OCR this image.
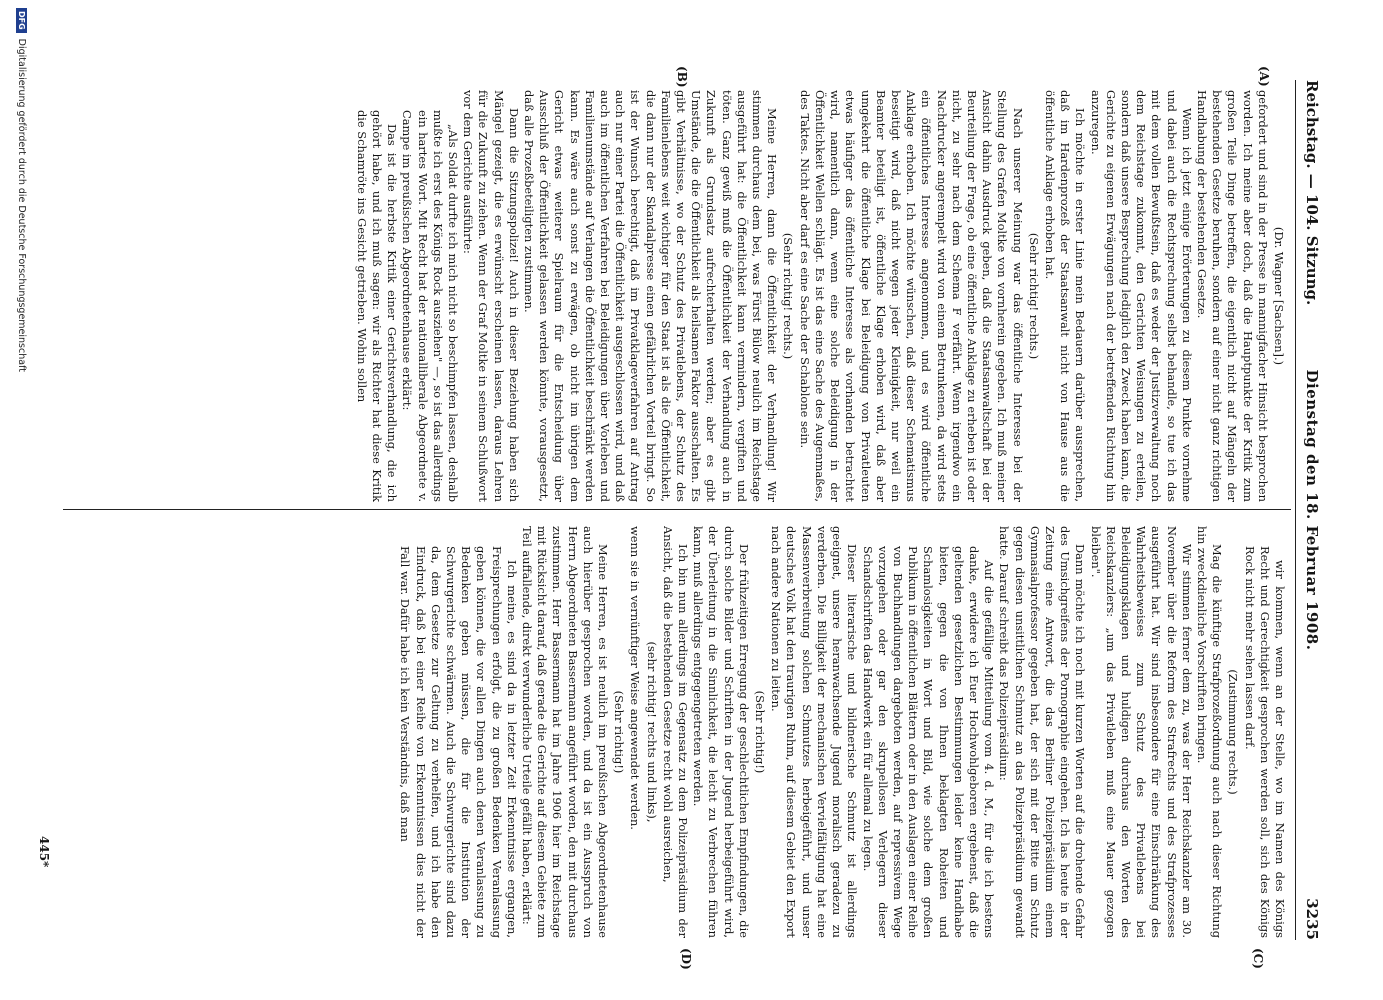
Reichstag. — 104. Sitzung.
Dienstag den 18. Februar 1908.
3235
(A)
(B)
(C)
(D)

(Dr. Wagner [Sachsen].)

gefordert und sind in der Presse in mannigfacher Hinsicht besprochen worden. Ich meine aber doch, daß die Hauptpunkte der Kritik zum großen Teile Dinge betreffen, die eigentlich nicht auf Mängeln der bestehenden Gesetze beruhen, sondern auf einer nicht ganz richtigen Handhabung der bestehenden Gesetze.

Wenn ich jetzt einige Erörterungen zu diesem Punkte vornehme und dabei auch die Rechtsprechung selbst behandle, so tue ich das mit dem vollen Bewußtsein, daß es weder der Justizverwaltung noch dem Reichstage zukommt, den Gerichten Weisungen zu erteilen, sondern daß unsere Besprechung lediglich den Zweck haben kann, die Gerichte zu eigenen Erwägungen nach der betreffenden Richtung hin anzuregen.

Ich möchte in erster Linie mein Bedauern darüber aussprechen, daß im Hardenprozeß der Staatsanwalt nicht von Hause aus die öffentliche Anklage erhoben hat.

(Sehr richtig! rechts.)

Nach unserer Meinung war das öffentliche Interesse bei der Stellung des Grafen Moltke von vornherein gegeben. Ich muß meiner Ansicht dahin Ausdruck geben, daß die Staatsanwaltschaft bei der Beurteilung der Frage, ob eine öffentliche Anklage zu erheben ist oder nicht, zu sehr nach dem Schema F verfährt. Wenn irgendwo ein Nachdrucker angerempelt wird von einem Betrunkenen, da wird stets ein öffentliches Interesse angenommen, und es wird öffentliche Anklage erhoben. Ich möchte wünschen, daß dieser Schematismus beseitigt wird, daß nicht wegen jeder Kleinigkeit, nur weil ein Beamter beteiligt ist, öffentliche Klage erhoben wird, daß aber umgekehrt die öffentliche Klage bei Beleidigung von Privatleuten etwas häufiger das öffentliche Interesse als vorhanden betrachtet wird, namentlich dann, wenn eine solche Beleidigung in der Öffentlichkeit Wellen schlägt. Es ist das eine Sache des Augenmaßes, des Taktes. Nicht aber darf es eine Sache der Schablone sein.

(Sehr richtig! rechts.)

Meine Herren, dann die Öffentlichkeit der Verhandlung! Wir stimmen durchaus dem bei, was Fürst Bülow neulich im Reichstage ausgeführt hat: die Öffentlichkeit kann vermindern, vergiften und töten. Ganz gewiß muß die Öffentlichkeit der Verhandlung auch in Zukunft als Grundsatz aufrechterhalten werden; aber es gibt Umstände, die die Öffentlichkeit als heilsamen Faktor ausschalten. Es gibt Verhältnisse, wo der Schutz des Privatlebens, der Schutz des Familienlebens weit wichtiger für den Staat ist als die Öffentlichkeit, die dann nur der Skandalpresse einen gefährlichen Vorteil bringt. So ist der Wunsch berechtigt, daß im Privatklageverfahren auf Antrag auch nur einer Partei die Öffentlichkeit ausgeschlossen wird, und daß auch im öffentlichen Verfahren bei Beleidigungen über Vorleben und Familienumstände auf Verlangen die Öffentlichkeit beschränkt werden kann. Es wäre auch sonst zu erwägen, ob nicht im übrigen dem Gericht etwas weiterer Spielraum für die Entscheidung über Ausschluß der Öffentlichkeit gelassen werden könnte, vorausgesetzt, daß alle Prozeßbeteiligten zustimmen.

Dann die Sitzungspolizei! Auch in dieser Beziehung haben sich Mängel gezeigt, die es erwünscht erscheinen lassen, daraus Lehren für die Zukunft zu ziehen. Wenn der Graf Moltke in seinem Schlußwort vor dem Gerichte ausführte:

„Als Soldat durfte ich mich nicht so beschimpfen lassen, deshalb mußte ich erst des Königs Rock ausziehen" —, so ist das allerdings ein hartes Wort. Mit Recht hat der nationalliberale Abgeordnete v. Campe im preußischen Abgeordnetenhause erklärt:

Das ist die herbste Kritik einer Gerichtsverhandlung, die ich gehört habe, und ich muß sagen: wir als Richter hat diese Kritik die Schamröte ins Gesicht getrieben. Wohin sollen

wir kommen, wenn an der Stelle, wo im Namen des Königs Recht und Gerechtigkeit gesprochen werden soll, sich des Königs Rock nicht mehr sehen lassen darf.

(Zustimmung rechts.)

Mag die künftige Strafprozeßordnung auch nach dieser Richtung hin zweckdienliche Vorschriften bringen.

Wir stimmen ferner dem zu, was der Herr Reichskanzler am 30. November über die Reform des Strafrechts und des Strafprozesses ausgeführt hat. Wir sind insbesondere für eine Einschränkung des Wahrheitsbeweises zum Schutz des Privatlebens bei Beleidigungsklagen und huldigen durchaus den Worten des Reichskanzlers: „um das Privatleben muß eine Mauer gezogen bleiben".

Dann möchte ich noch mit kurzen Worten auf die drohende Gefahr des Umsichgreifens der Pornographie eingehen. Ich las heute in der Zeitung eine Antwort, die das Berliner Polizeipräsidium einem Gymnasialprofessor gegeben hat, der sich mit der Bitte um Schutz gegen diesen unsittlichen Schmutz an das Polizeipräsidium gewandt hatte. Darauf schreibt das Polizeipräsidium:

Auf die gefällige Mitteilung vom 4. d. M., für die ich bestens danke, erwidere ich Euer Hochwohlgeboren ergebenst, daß die geltenden gesetzlichen Bestimmungen leider keine Handhabe bieten, gegen die von Ihnen beklagten Roheiten und Schamlosigkeiten in Wort und Bild, wie solche dem großen Publikum in öffentlichen Blättern oder in den Auslagen einer Reihe von Buchhandlungen dargeboten werden, auf repressivem Wege vorzugehen oder gar den skrupellosen Verlegern dieser Schandschriften das Handwerk ein für allemal zu legen.

Dieser literarische und bildnerische Schmutz ist allerdings geeignet, unsere heranwachsende Jugend moralisch geradezu zu verderben. Die Billigkeit der mechanischen Vervielfältigung hat eine Massenverbreitung solchen Schmutzes herbeigeführt, und unser deutsches Volk hat den traurigen Ruhm, auf diesem Gebiet den Export nach andere Nationen zu leiten.

(Sehr richtig!)

Der frühzeitigen Erregung der geschlechtlichen Empfindungen, die durch solche Bilder und Schriften in der Jugend herbeigeführt wird, der Überleitung in die Sinnlichkeit, die leicht zu Verbrechen führen kann, muß allerdings entgegengetreten werden.

Ich bin nun allerdings im Gegensatz zu dem Polizeipräsidium der Ansicht, daß die bestehenden Gesetze recht wohl ausreichen,

(sehr richtig! rechts und links),

wenn sie in vernünftiger Weise angewendet werden.

(Sehr richtig!)

Meine Herren, es ist neulich im preußischen Abgeordnetenhause auch hierüber gesprochen worden, und da ist ein Ausspruch von Herrn Abgeordneten Bassermann angeführt worden, den mit durchaus zustimmen. Herr Bassermann hat im Jahre 1906 hier im Reichstage mit Rücksicht darauf, daß gerade die Gerichte auf diesem Gebiete zum Teil auffallende, direkt verwunderliche Urteile gefällt haben, erklärt:

Ich meine, es sind da in letzter Zeit Erkenntnisse ergangen, Freisprechungen erfolgt, die zu großen Bedenken Veranlassung geben können, die vor allen Dingen auch denen Veranlassung zu Bedenken geben müssen, die für die Institution der Schwurgerichte schwärmen. Auch die Schwurgerichte sind dazu da, dem Gesetze zur Geltung zu verhelfen, und ich habe den Eindruck, daß bei einer Reihe von Erkenntnissen dies nicht der Fall war. Dafür habe ich kein Verständnis, daß man

445*
DFGDigitalisierung gefördert durch die Deutsche Forschungsgemeinschaft
